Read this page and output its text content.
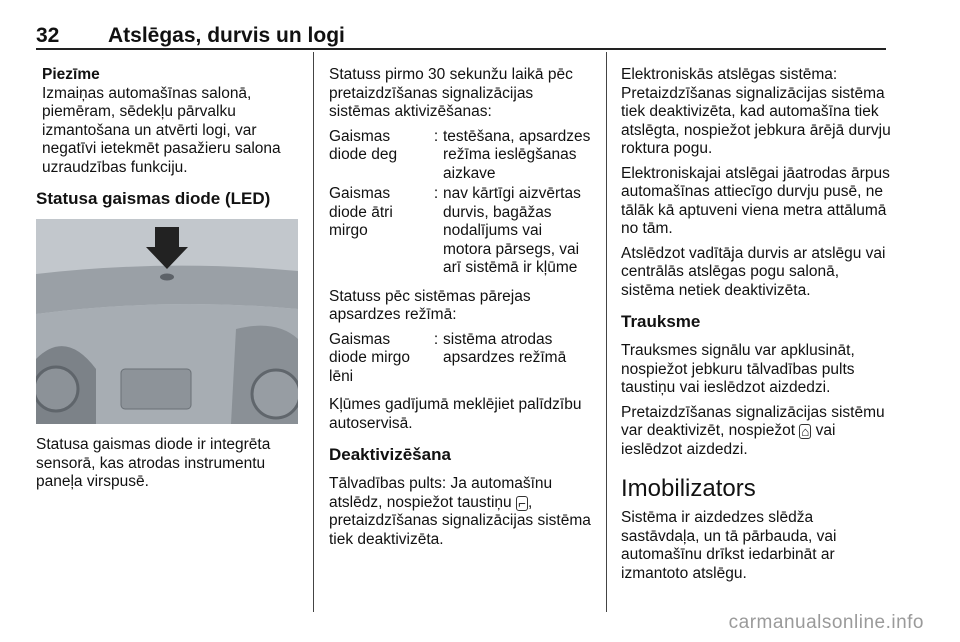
32 Atslēgas, durvis un logi
Piezīme

Izmaiņas automašīnas salonā, piemēram, sēdekļu pārvalku izmantošana un atvērti logi, var negatīvi ietekmēt pasažieru salona uzraudzības funkciju.

Statusa gaismas diode (LED)

Statusa gaismas diode ir integrēta sensorā, kas atrodas instrumentu paneļa virspusē.

Statuss pirmo 30 sekunžu laikā pēc pretaizdzīšanas signalizācijas sistēmas aktivizēšanas:

Gaismas diode deg
: testēšana, apsardzes režīma ieslēgšanas aizkave
Gaismas diode ātri mirgo
: nav kārtīgi aizvērtas durvis, bagāžas nodalījums vai motora pārsegs, vai arī sistēmā ir kļūme

Statuss pēc sistēmas pārejas apsardzes režīmā:

Gaismas diode mirgo lēni
: sistēma atrodas apsardzes režīmā

Kļūmes gadījumā meklējiet palīdzību autoservisā.

Deaktivizēšana

Tālvadības pults: Ja automašīnu atslēdz, nospiežot taustiņu ⌐ , pretaizdzīšanas signalizācijas sistēma tiek deaktivizēta.

Elektroniskās atslēgas sistēma: Pretaizdzīšanas signalizācijas sistēma tiek deaktivizēta, kad automašīna tiek atslēgta, nospiežot jebkura ārējā durvju roktura pogu.

Elektroniskajai atslēgai jāatrodas ārpus automašīnas attiecīgo durvju pusē, ne tālāk kā aptuveni viena metra attālumā no tām.

Atslēdzot vadītāja durvis ar atslēgu vai centrālās atslēgas pogu salonā, sistēma netiek deaktivizēta.

Trauksme

Trauksmes signālu var apklusināt, nospiežot jebkuru tālvadības pults taustiņu vai ieslēdzot aizdedzi.

Pretaizdzīšanas signalizācijas sistēmu var deaktivizēt, nospiežot ⌂ vai ieslēdzot aizdedzi.

Imobilizators

Sistēma ir aizdedzes slēdža sastāvdaļa, un tā pārbauda, vai automašīnu drīkst iedarbināt ar izmantoto atslēgu.

carmanualsonline.info
